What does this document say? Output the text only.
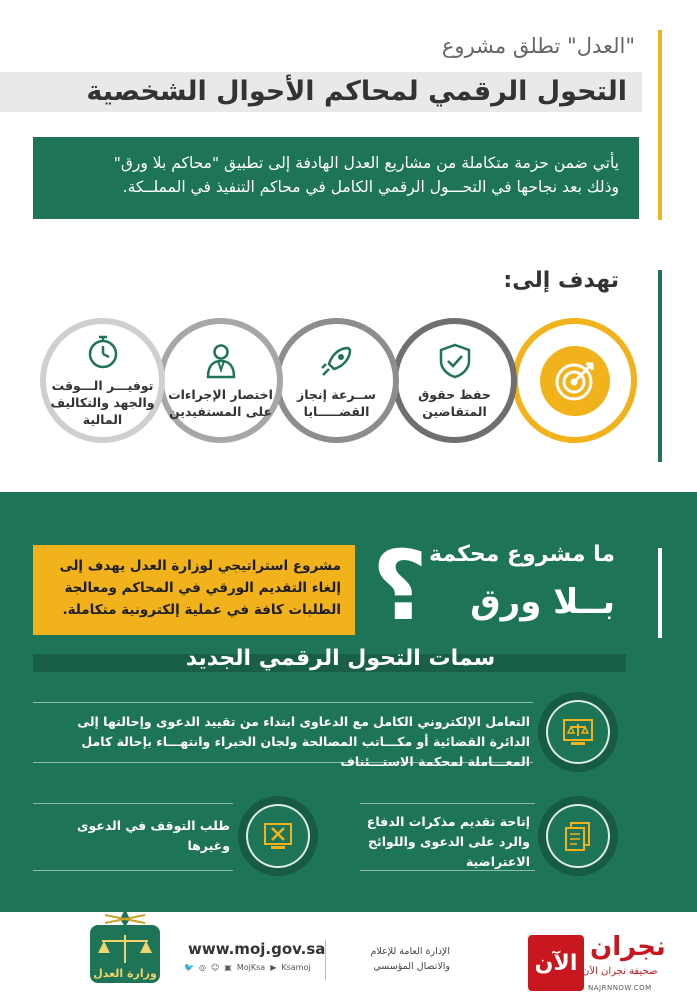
"العدل" تطلق مشروع
التحول الرقمي لمحاكم الأحوال الشخصية
يأتي ضمن حزمة متكاملة من مشاريع العدل الهادفة إلى تطبيق "محاكم بلا ورق"
وذلك بعد نجاحها في التحـــول الرقمي الكامل في محاكم التنفيذ في المملــكة.
تهدف إلى:
حفظ حقوق
المتقاضين
ســرعة إنجاز
القضـــــايا
اختصار الإجراءات
على المستفيدين
توفيـــر الـــوقت
والجهد والتكاليف
المالية
ما مشروع محكمة
بــلا ورق
؟
مشروع استراتيجي لوزارة العدل يهدف إلى إلغاء التقديم الورقي في المحاكم ومعالجة الطلبات كافة في عملية إلكترونية متكاملة.
سمات التحول الرقمي الجديد
التعامل الإلكتروني الكامل مع الدعاوى ابتداء من تقييد الدعوى وإحالتها إلى الدائرة القضائية أو مكـــاتب المصالحة ولجان الخبراء وانتهـــاء بإحالة كامل المعـــاملة لمحكمة الاستـــئناف
إتاحة تقديم مذكرات الدفاع والرد على الدعوى واللوائح الاعتراضية
طلب التوقف في الدعوى وغيرها
وزارة العدل
www.moj.gov.sa
🐦 ◎ ☺ ▣ MojKsa ▶ Ksamoj
الإدارة العامة للإعلام
والاتصال المؤسسي	الآن
نجران
صحيفة نجران الآن
NAJRNNOW.COM
